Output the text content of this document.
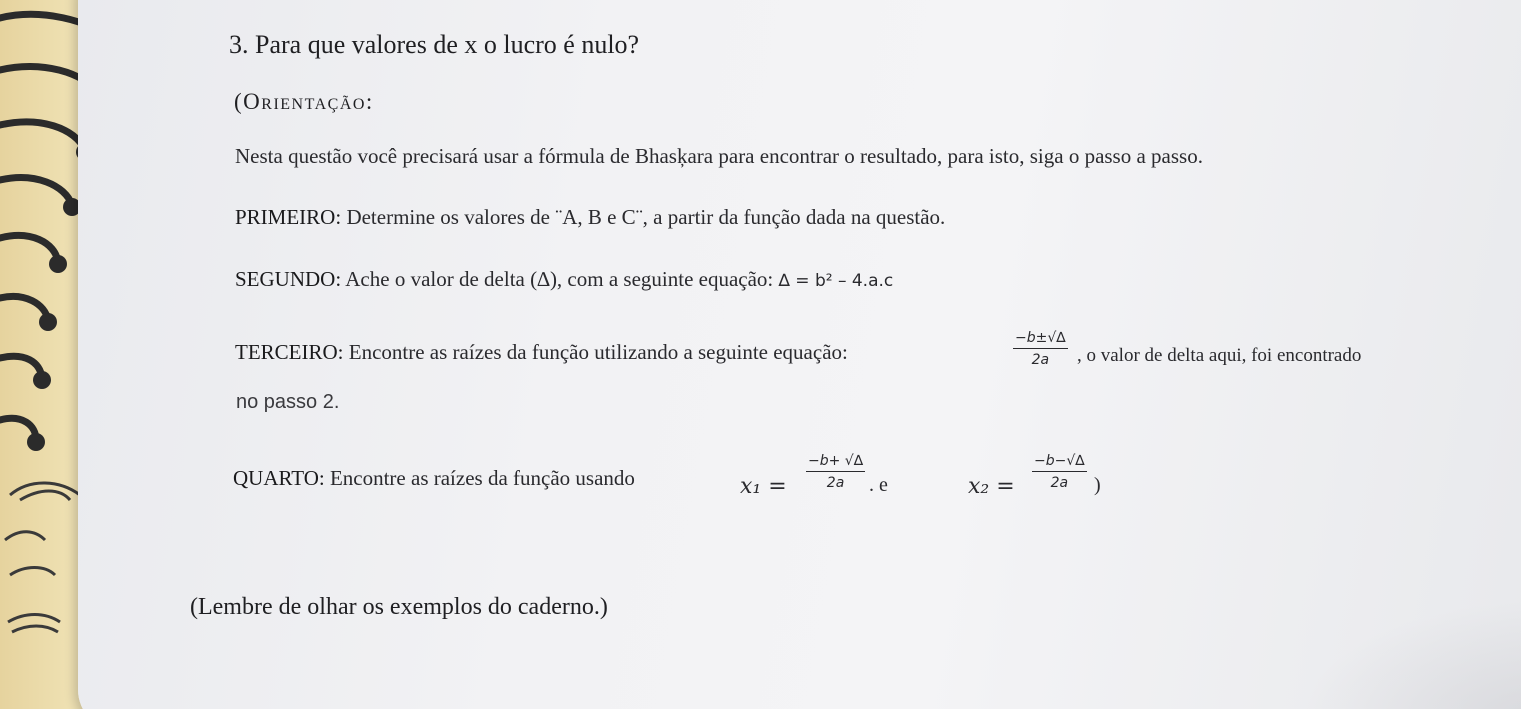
3. Para que valores de x o lucro é nulo?
(Orientação:
Nesta questão você precisará usar a fórmula de Bhasķara para encontrar o resultado, para isto, siga o passo a passo.
PRIMEIRO: Determine os valores de ¨A, B e C¨, a partir da função dada na questão.
SEGUNDO: Ache o valor de delta (∆), com a seguinte equação: ∆ = b² – 4.a.c
TERCEIRO: Encontre as raízes da função utilizando a seguinte equação:	$\frac{-b\pm√\Delta}{2a}$ , o valor de delta aqui, foi encontrado
no passo 2.
QUARTO: Encontre as raízes da função usando	$x_1 = \frac{-b+ √\Delta}{2a}$ . e	$x_2 = \frac{-b-√\Delta}{2a}$ )
(Lembre de olhar os exemplos do caderno.)
